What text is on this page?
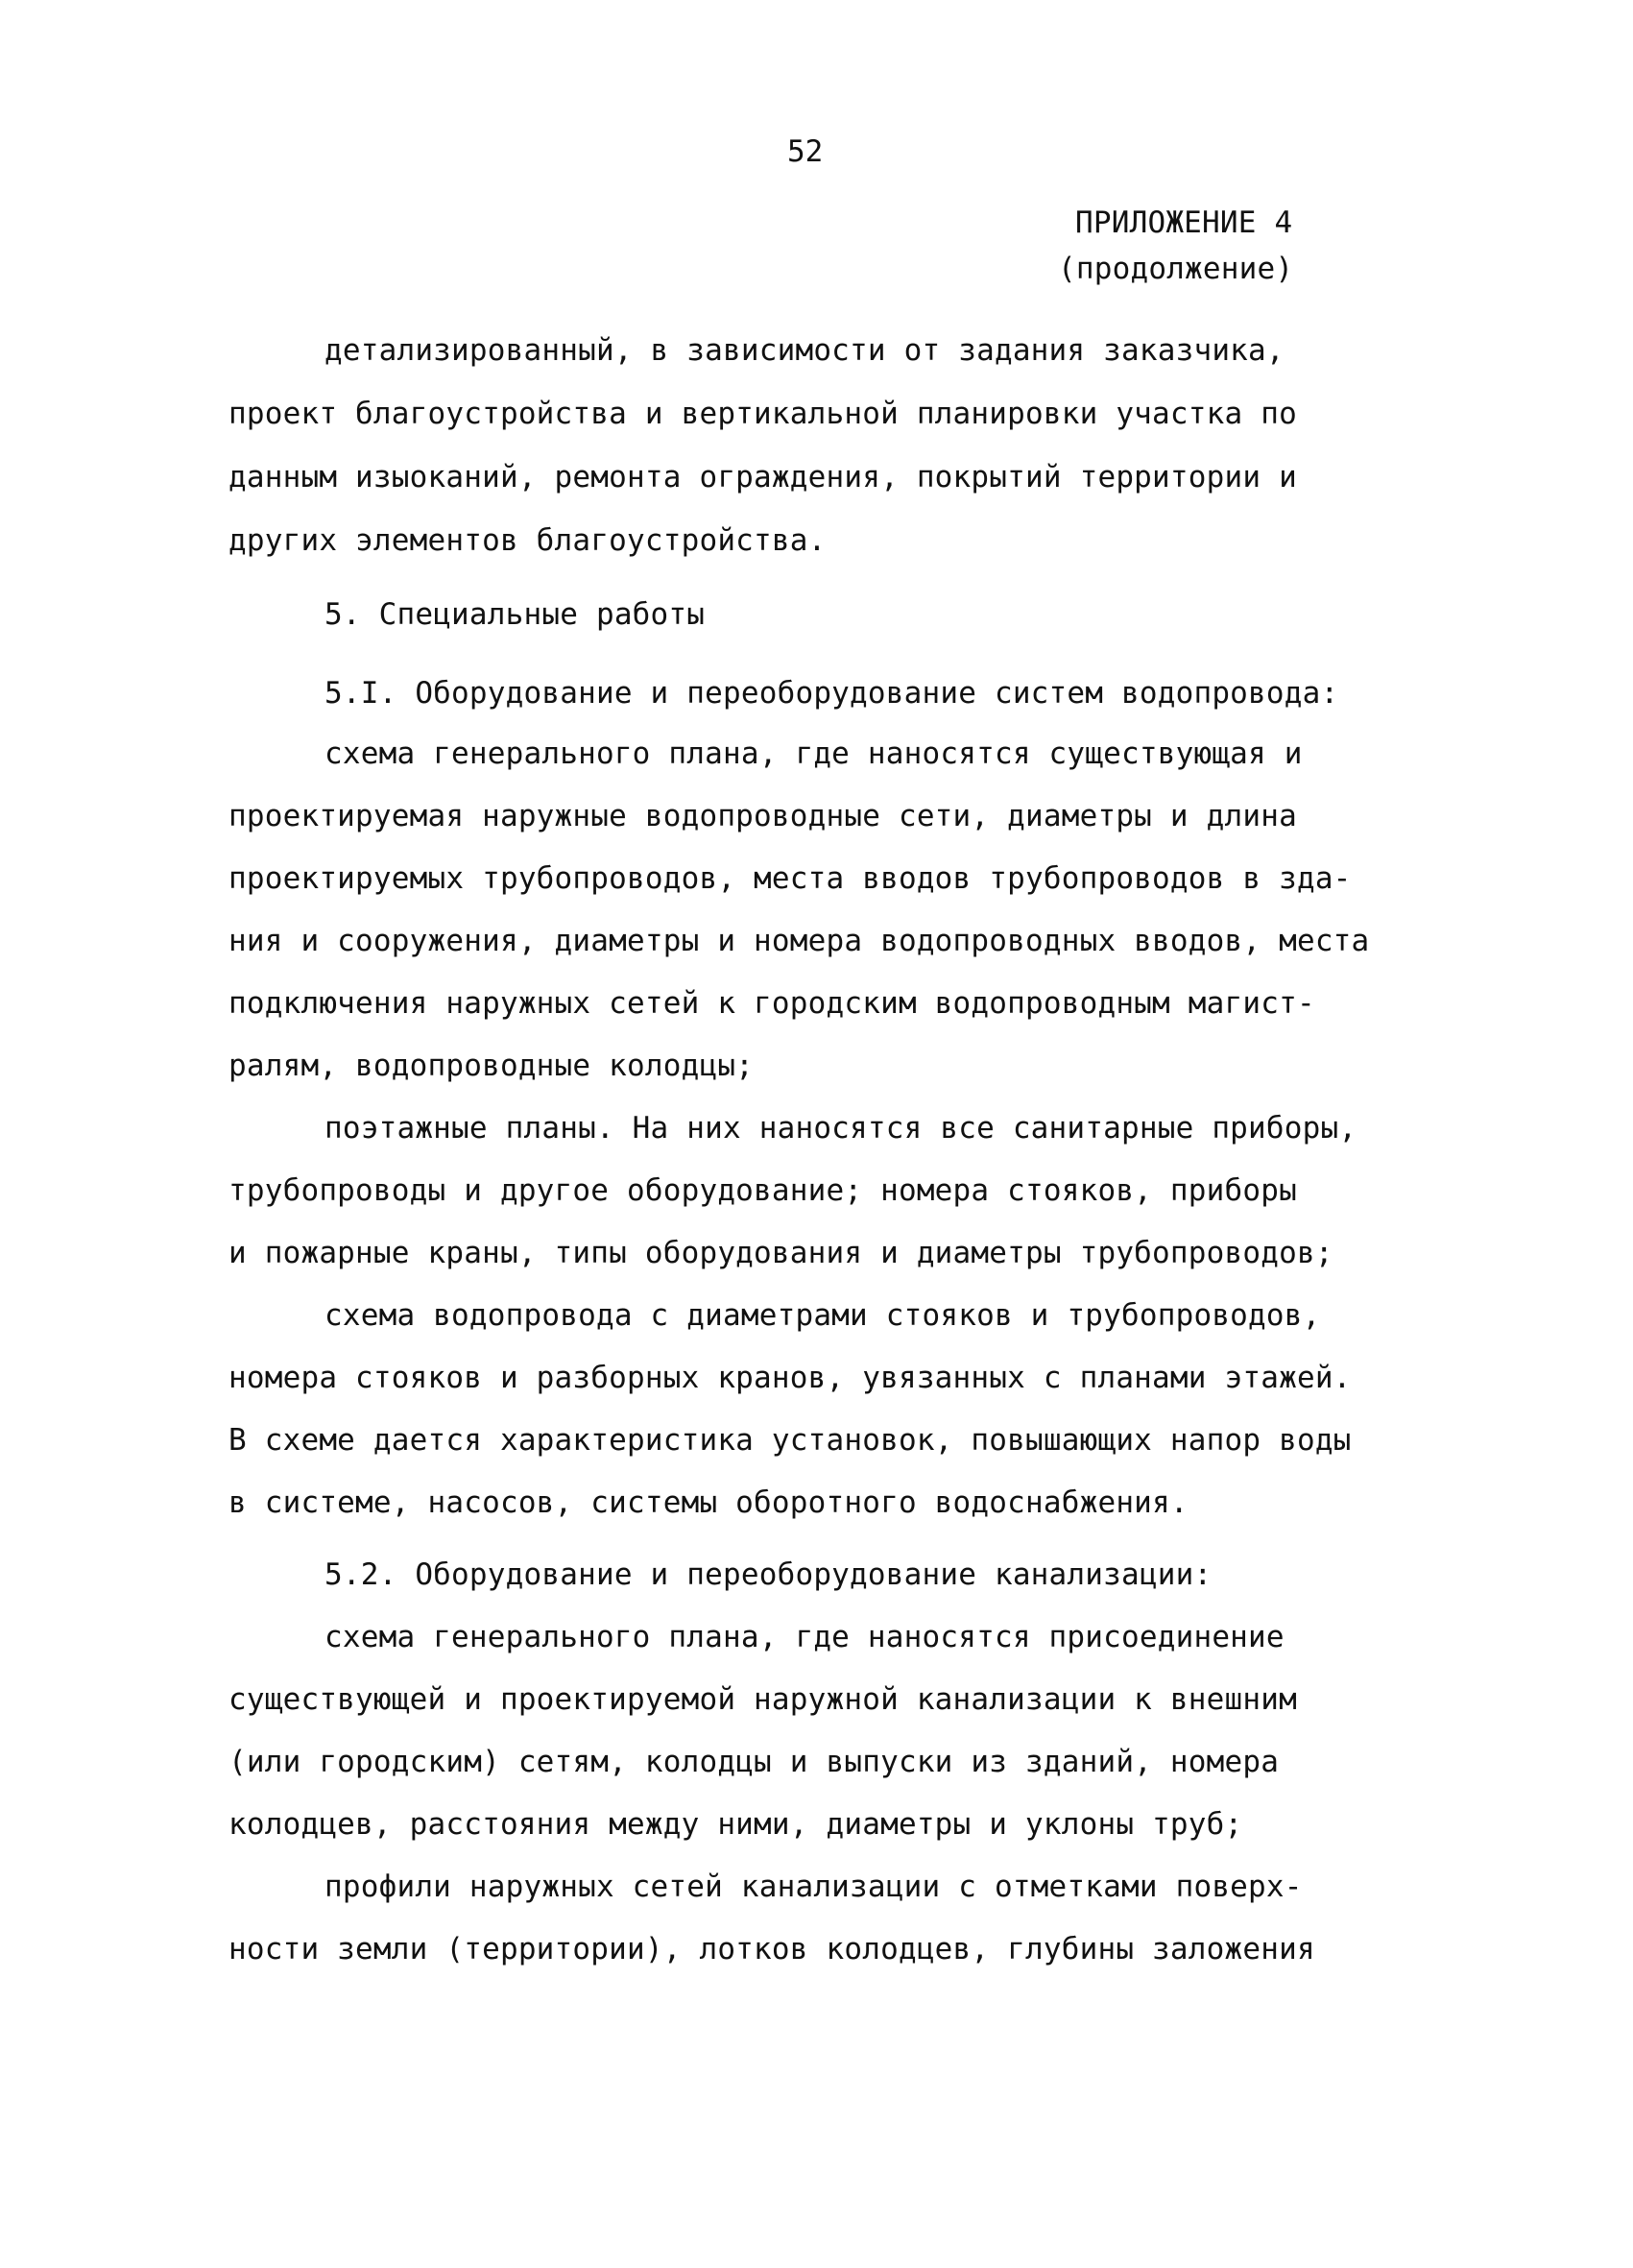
52
ПРИЛОЖЕНИЕ 4
(продолжение)
детализированный, в зависимости от задания заказчика,
проект благоустройства и вертикальной планировки участка по
данным изыоканий, ремонта ограждения, покрытий территории и
других элементов благоустройства.
5. Специальные работы
5.I. Оборудование и переоборудование систем водопровода:
схема генерального плана, где наносятся существующая и
проектируемая наружные водопроводные сети, диаметры и длина
проектируемых трубопроводов, места вводов трубопроводов в зда-
ния и сооружения, диаметры и номера водопроводных вводов, места
подключения наружных сетей к городским водопроводным магист-
ралям, водопроводные колодцы;
поэтажные планы. На них наносятся все санитарные приборы,
трубопроводы и другое оборудование; номера стояков, приборы
и пожарные краны, типы оборудования и диаметры трубопроводов;
схема водопровода с диаметрами стояков и трубопроводов,
номера стояков и разборных кранов, увязанных с планами этажей.
В схеме дается характеристика установок, повышающих напор воды
в системе, насосов, системы оборотного водоснабжения.
5.2. Оборудование и переоборудование канализации:
схема генерального плана, где наносятся присоединение
существующей и проектируемой наружной канализации к внешним
(или городским) сетям, колодцы и выпуски из зданий, номера
колодцев, расстояния между ними, диаметры и уклоны труб;
профили наружных сетей канализации с отметками поверх-
ности земли (территории), лотков колодцев, глубины заложения
